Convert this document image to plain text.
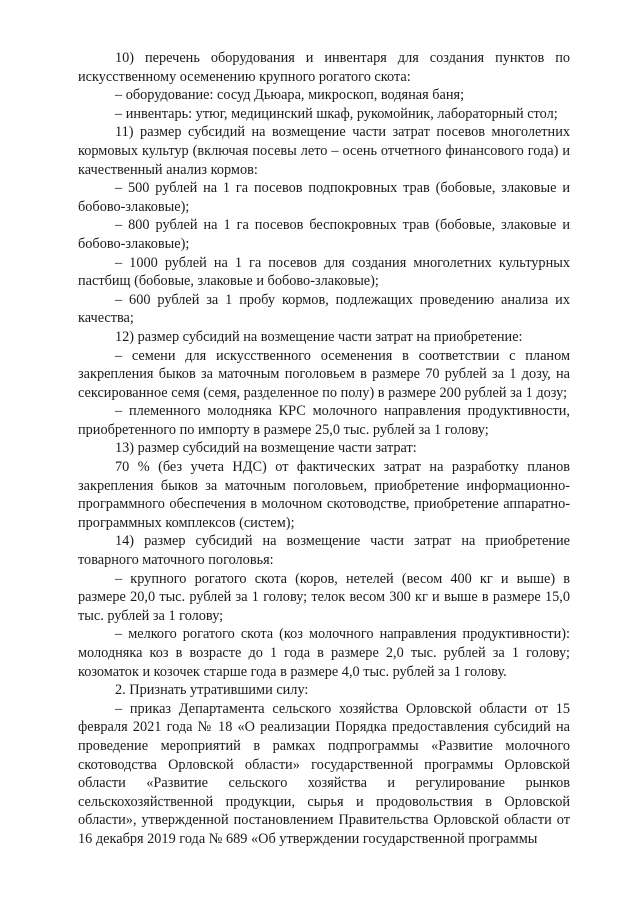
10) перечень оборудования и инвентаря для создания пунктов по искусственному осеменению крупного рогатого скота:

– оборудование: сосуд Дьюара, микроскоп, водяная баня;

– инвентарь: утюг, медицинский шкаф, рукомойник, лабораторный стол;

11) размер субсидий на возмещение части затрат посевов многолетних кормовых культур (включая посевы лето – осень отчетного финансового года) и качественный анализ кормов:

– 500 рублей на 1 га посевов подпокровных трав (бобовые, злаковые и бобово-злаковые);

– 800 рублей на 1 га посевов беспокровных трав (бобовые, злаковые и бобово-злаковые);

– 1000 рублей на 1 га посевов для создания многолетних культурных пастбищ (бобовые, злаковые и бобово-злаковые);

– 600 рублей за 1 пробу кормов, подлежащих проведению анализа их качества;

12) размер субсидий на возмещение части затрат на приобретение:

– семени для искусственного осеменения в соответствии с планом закрепления быков за маточным поголовьем в размере 70 рублей за 1 дозу, на сексированное семя (семя, разделенное по полу) в размере 200 рублей за 1 дозу;

– племенного молодняка КРС молочного направления продуктивности, приобретенного по импорту в размере 25,0 тыс. рублей за 1 голову;

13) размер субсидий на возмещение части затрат:

70 % (без учета НДС) от фактических затрат на разработку планов закрепления быков за маточным поголовьем, приобретение информационно-программного обеспечения в молочном скотоводстве, приобретение аппаратно-программных комплексов (систем);

14) размер субсидий на возмещение части затрат на приобретение товарного маточного поголовья:

– крупного рогатого скота (коров, нетелей (весом 400 кг и выше) в размере 20,0 тыс. рублей за 1 голову; телок весом 300 кг и выше в размере 15,0 тыс. рублей за 1 голову;

– мелкого рогатого скота (коз молочного направления продуктивности): молодняка коз в возрасте до 1 года в размере 2,0 тыс. рублей за 1 голову; козоматок и козочек старше года в размере 4,0 тыс. рублей за 1 голову.

2. Признать утратившими силу:

– приказ Департамента сельского хозяйства Орловской области от 15 февраля 2021 года № 18 «О реализации Порядка предоставления субсидий на проведение мероприятий в рамках подпрограммы «Развитие молочного скотоводства Орловской области» государственной программы Орловской области «Развитие сельского хозяйства и регулирование рынков сельскохозяйственной продукции, сырья и продовольствия в Орловской области», утвержденной постановлением Правительства Орловской области от 16 декабря 2019 года № 689 «Об утверждении государственной программы
